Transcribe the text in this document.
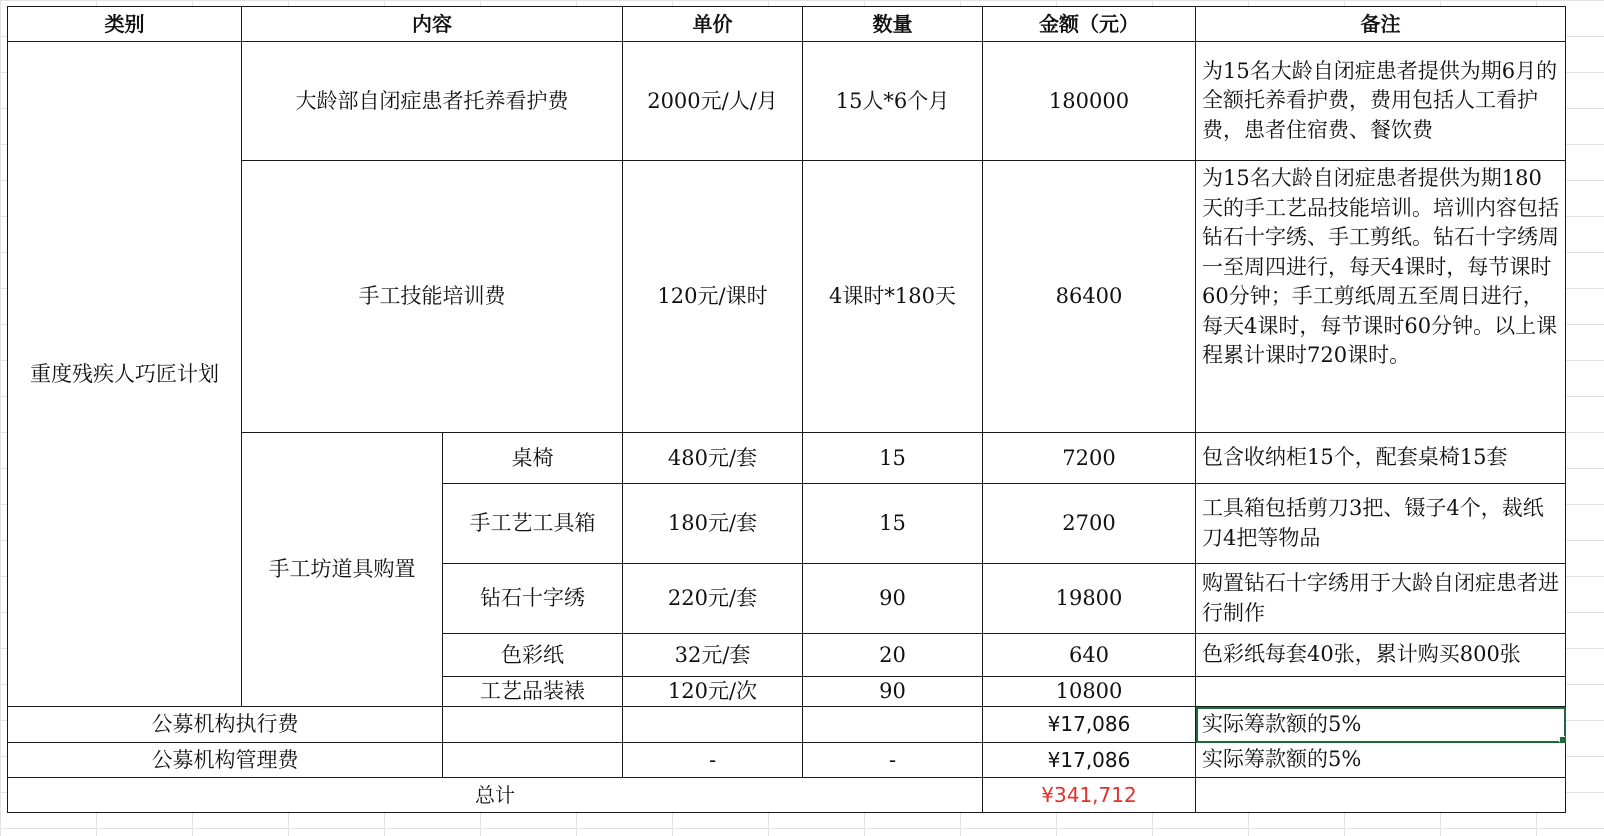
类别	内容		单价	数量	金额（元）	备注
重度残疾人巧匠计划	大龄部自闭症患者托养看护费		2000元/人/月	15人*6个月	180000	为15名大龄自闭症患者提供为期6月的全额托养看护费，费用包括人工看护费，患者住宿费、餐饮费
	手工技能培训费		120元/课时	4课时*180天	86400	为15名大龄自闭症患者提供为期180天的手工艺品技能培训。培训内容包括钻石十字绣、手工剪纸。钻石十字绣周一至周四进行，每天4课时，每节课时60分钟；手工剪纸周五至周日进行，每天4课时，每节课时60分钟。以上课程累计课时720课时。
	手工坊道具购置	桌椅	480元/套	15	7200	包含收纳柜15个，配套桌椅15套
		手工艺工具箱	180元/套	15	2700	工具箱包括剪刀3把、镊子4个，裁纸刀4把等物品
		钻石十字绣	220元/套	90	19800	购置钻石十字绣用于大龄自闭症患者进行制作
		色彩纸	32元/套	20	640	色彩纸每套40张，累计购买800张
		工艺品装裱	120元/次	90	10800	
公募机构执行费					¥17,086	实际筹款额的5%

公募机构管理费			-	-	¥17,086	实际筹款额的5%
总计					¥341,712	
